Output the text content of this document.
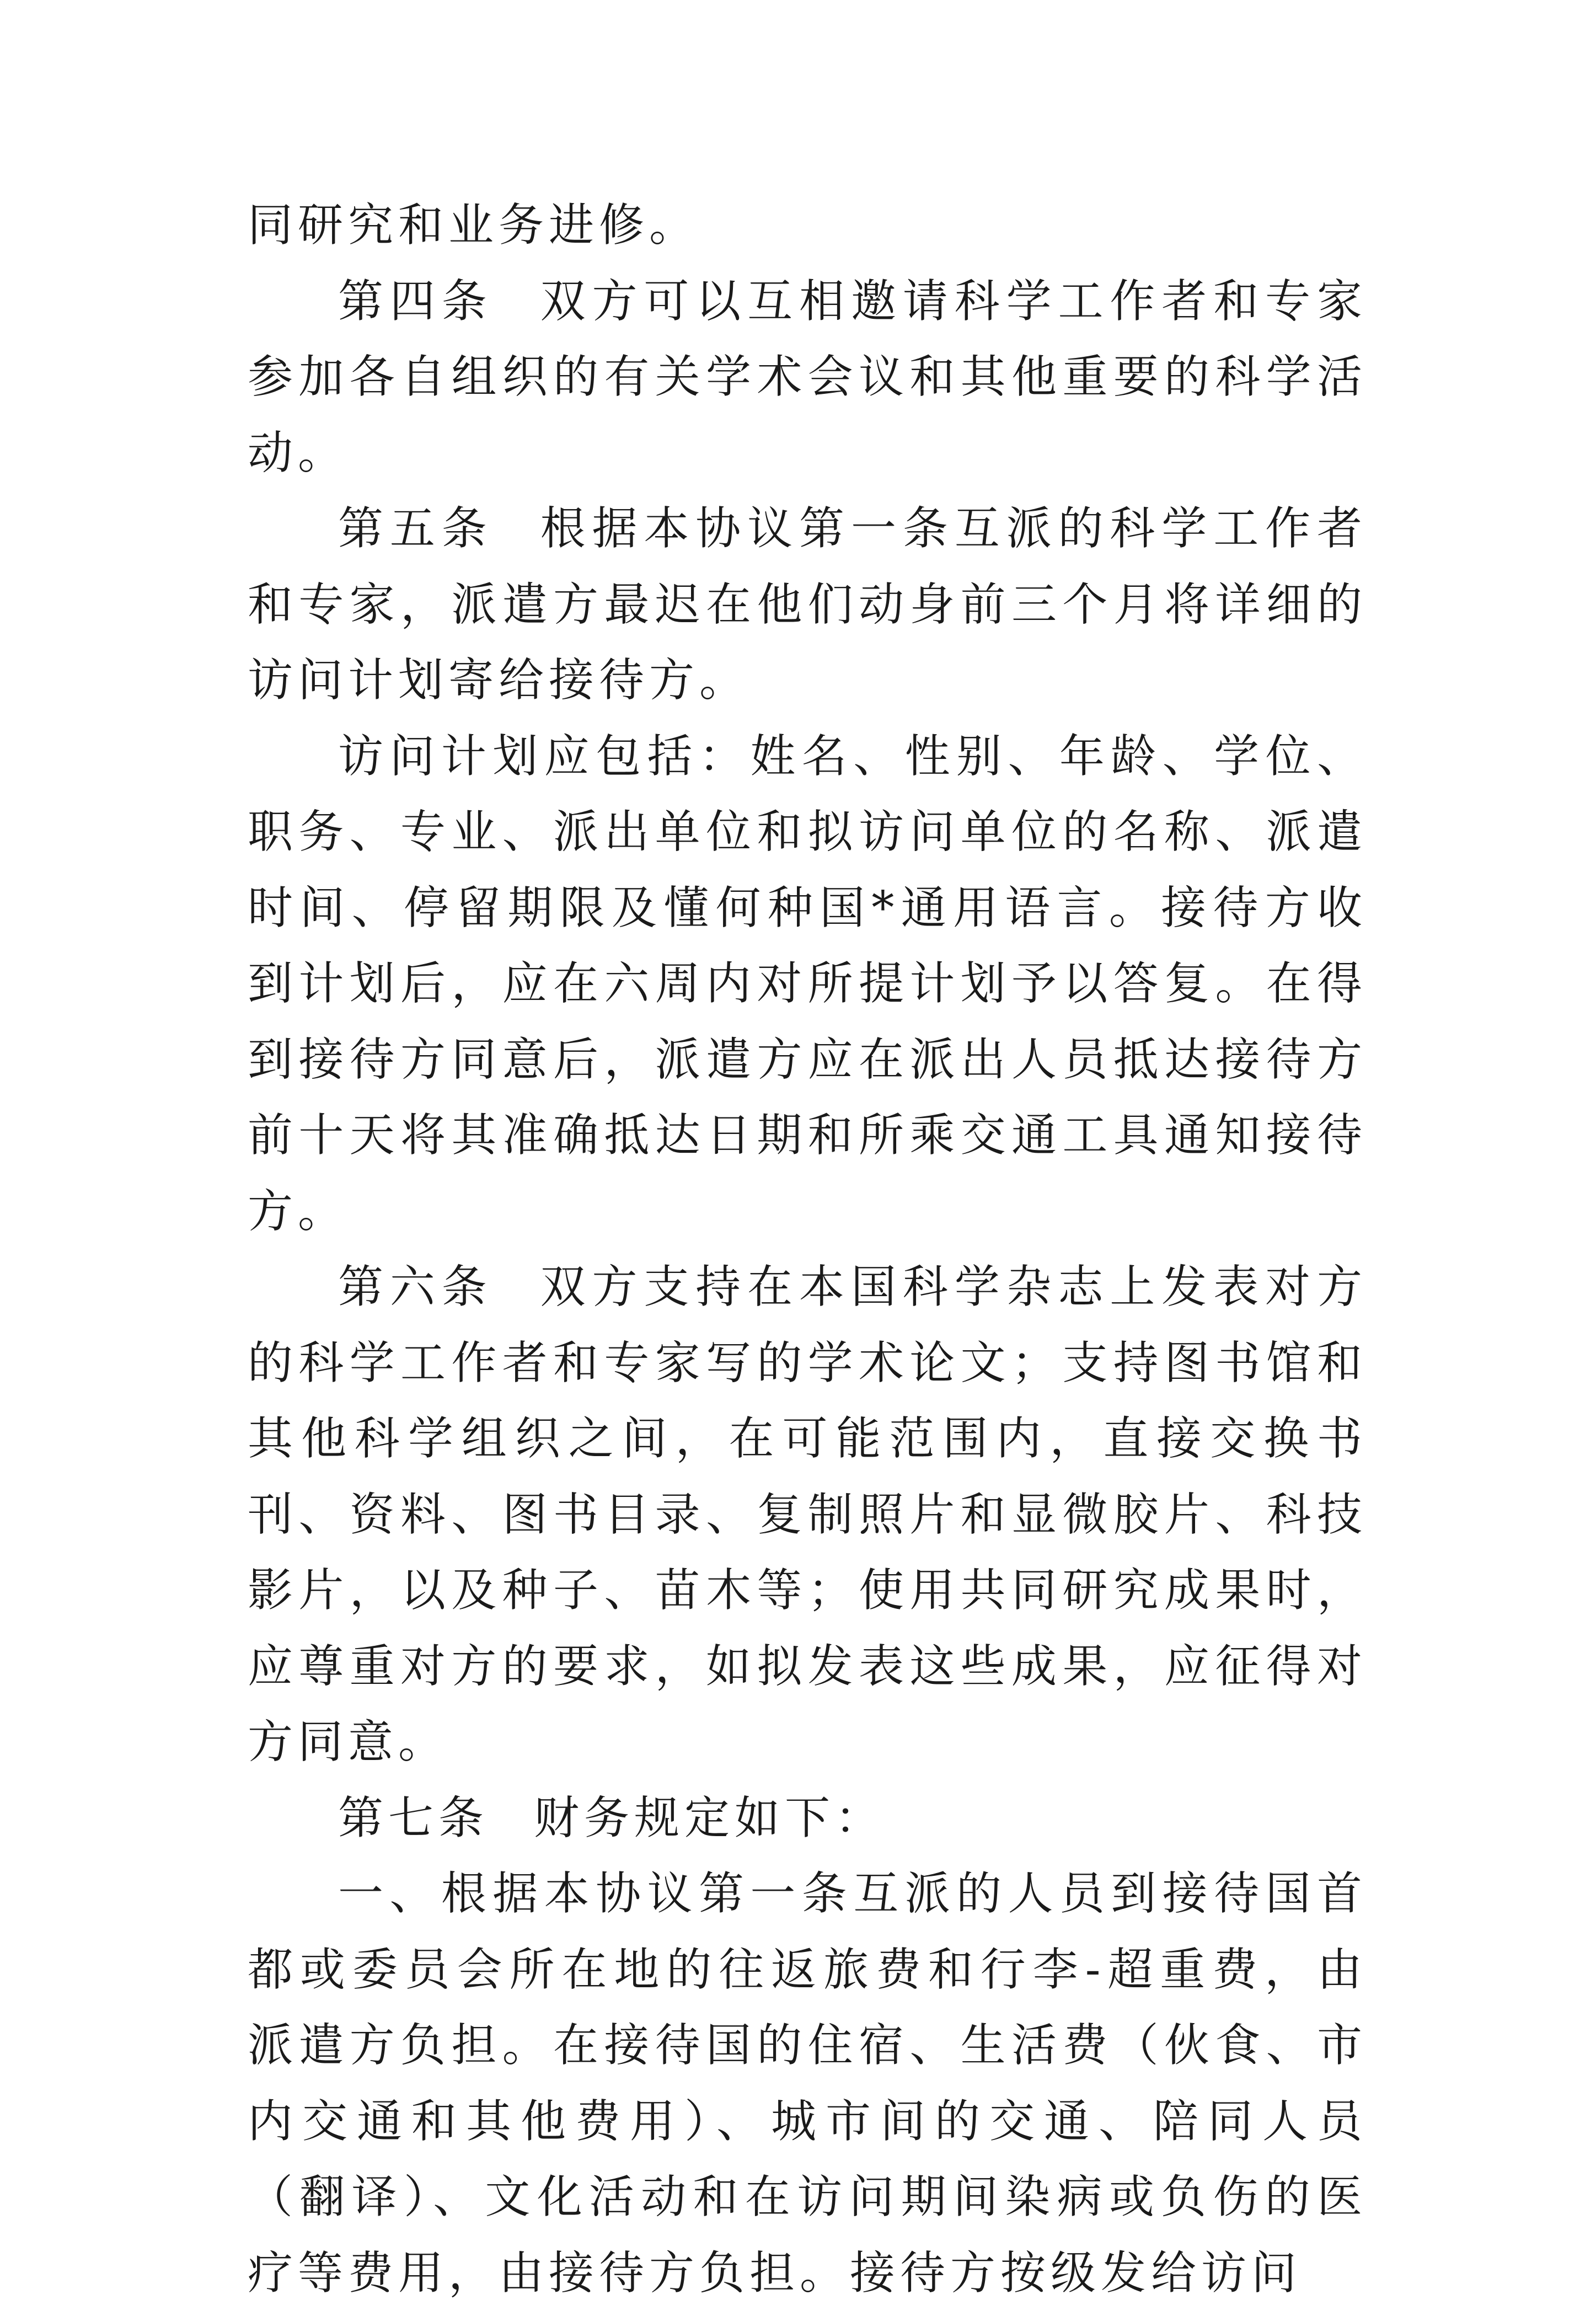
同研究和业务进修。

第四条 双方可以互相邀请科学工作者和专家参加各自组织的有关学术会议和其他重要的科学活动。

第五条 根据本协议第一条互派的科学工作者和专家，派遣方最迟在他们动身前三个月将详细的访问计划寄给接待方。

访问计划应包括：姓名、性别、年龄、学位、职务、专业、派出单位和拟访问单位的名称、派遣时间、停留期限及懂何种国*通用语言。接待方收到计划后，应在六周内对所提计划予以答复。在得到接待方同意后，派遣方应在派出人员抵达接待方前十天将其准确抵达日期和所乘交通工具通知接待方。

第六条 双方支持在本国科学杂志上发表对方的科学工作者和专家写的学术论文；支持图书馆和其他科学组织之间，在可能范围内，直接交换书刊、资料、图书目录、复制照片和显微胶片、科技影片，以及种子、苗木等；使用共同研究成果时，应尊重对方的要求，如拟发表这些成果，应征得对方同意。

第七条 财务规定如下：

一、根据本协议第一条互派的人员到接待国首都或委员会所在地的往返旅费和行李-超重费，由派遣方负担。在接待国的住宿、生活费（伙食、市内交通和其他费用）、城市间的交通、陪同人员（翻译）、文化活动和在访问期间染病或负伤的医疗等费用，由接待方负担。接待方按级发给访问
